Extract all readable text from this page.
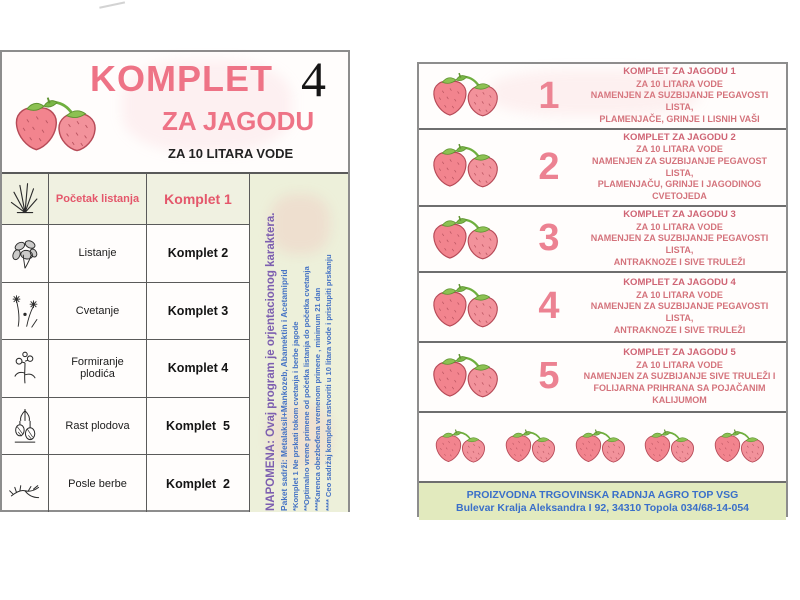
KOMPLET 4
ZA JAGODU
ZA 10 LITARA VODE
Početak listanja	Komplet 1
Listanje	Komplet 2
Cvetanje	Komplet 3
Formiranje plodića	Komplet 4
Rast plodova	Komplet  5
Posle berbe	Komplet  2	NAPOMENA: Ovaj program je orjentacionog karaktera. Paket sadrži: Metalaksil+Mankozeb, Abamektin i Acetamiprid *Komplet 1 Ne prskati tokom cvetanja i berbe jagode **Optimalno vreme primene od početka listanja do početka cvetanja ***Karenca obezbeđena vremenom primene , minimum 21 dan **** Ceo sadržaj kompleta rastvoriti u 10 litara vode i pristupiti prskanju
1
KOMPLET ZA JAGODU 1
ZA 10 LITARA VODE
NAMENJEN ZA SUZBIJANJE PEGAVOSTI LISTA,
PLAMENJAČE, GRINJE I LISNIH VAŠI
2
KOMPLET ZA JAGODU 2
ZA 10 LITARA VODE
NAMENJEN ZA SUZBIJANJE PEGAVOST LISTA,
PLAMENJAČU, GRINJE I JAGODINOG
CVETOJEDA
3
KOMPLET ZA JAGODU 3
ZA 10 LITARA VODE
NAMENJEN ZA SUZBIJANJE PEGAVOSTI LISTA,
ANTRAKNOZE I SIVE TRULEŽI
4
KOMPLET ZA JAGODU 4
ZA 10 LITARA VODE
NAMENJEN ZA SUZBIJANJE PEGAVOSTI LISTA,
ANTRAKNOZE I SIVE TRULEŽI
5
KOMPLET ZA JAGODU 5
ZA 10 LITARA VODE
NAMENJEN ZA SUZBIJANJE SIVE TRULEŽI I
FOLIJARNA PRIHRANA SA POJAČANIM
KALIJUMOM
PROIZVODNA TRGOVINSKA RADNJA AGRO TOP VSG
Bulevar Kralja Aleksandra I 92, 34310 Topola 034/68-14-054
